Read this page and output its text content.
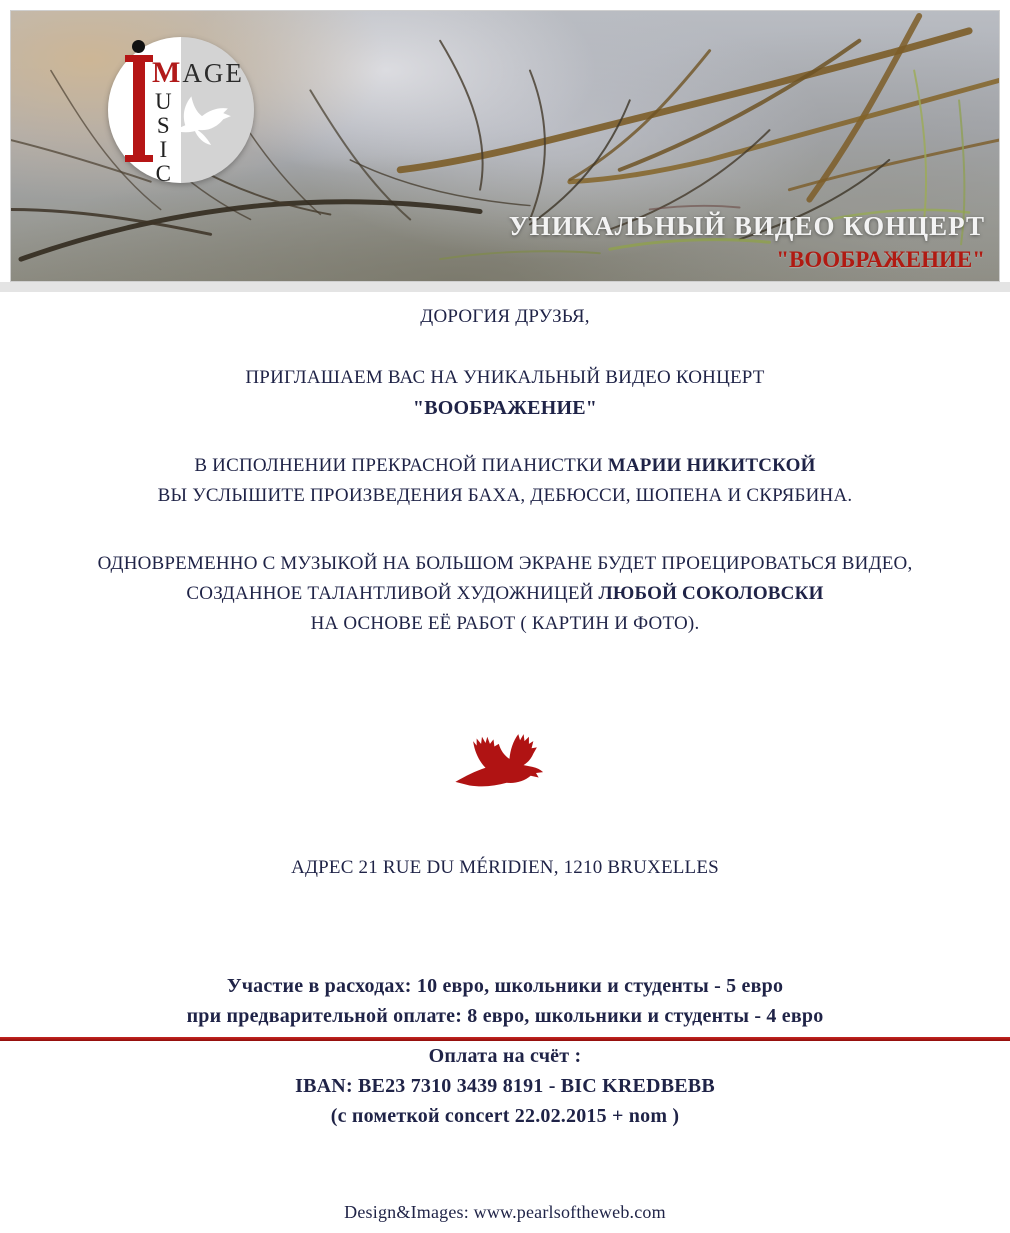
MAGE
U
S
I
C
УНИКАЛЬНЫЙ ВИДЕО КОНЦЕРТ
"ВООБРАЖЕНИЕ"
ДОРОГИЯ ДРУЗЬЯ,
ПРИГЛАШАЕМ ВАС НА УНИКАЛЬНЫЙ ВИДЕО КОНЦЕРТ
"ВООБРАЖЕНИЕ"
В ИСПОЛНЕНИИ ПРЕКРАСНОЙ ПИАНИСТКИ МАРИИ НИКИТСКОЙ
ВЫ УСЛЫШИТЕ ПРОИЗВЕДЕНИЯ БАХА, ДЕБЮССИ, ШОПЕНА И СКРЯБИНА.
ОДНОВРЕМЕННО С МУЗЫКОЙ НА БОЛЬШОМ ЭКРАНЕ БУДЕТ ПРОЕЦИРОВАТЬСЯ ВИДЕО,
СОЗДАННОЕ ТАЛАНТЛИВОЙ ХУДОЖНИЦЕЙ ЛЮБОЙ СОКОЛОВСКИ
НА ОСНОВЕ ЕЁ РАБОТ ( КАРТИН И ФОТО).
АДРЕС 21 RUE DU MÉRIDIEN, 1210 BRUXELLES
Участие в расходах: 10 евро, школьники и студенты - 5 евро
при предварительной оплате: 8 евро, школьники и студенты - 4 евро
Оплата на счёт :
IBAN: BE23 7310 3439 8191 - BIC KREDBEBB
(с пометкой concert 22.02.2015 + nom )
Design&Images: www.pearlsoftheweb.com
